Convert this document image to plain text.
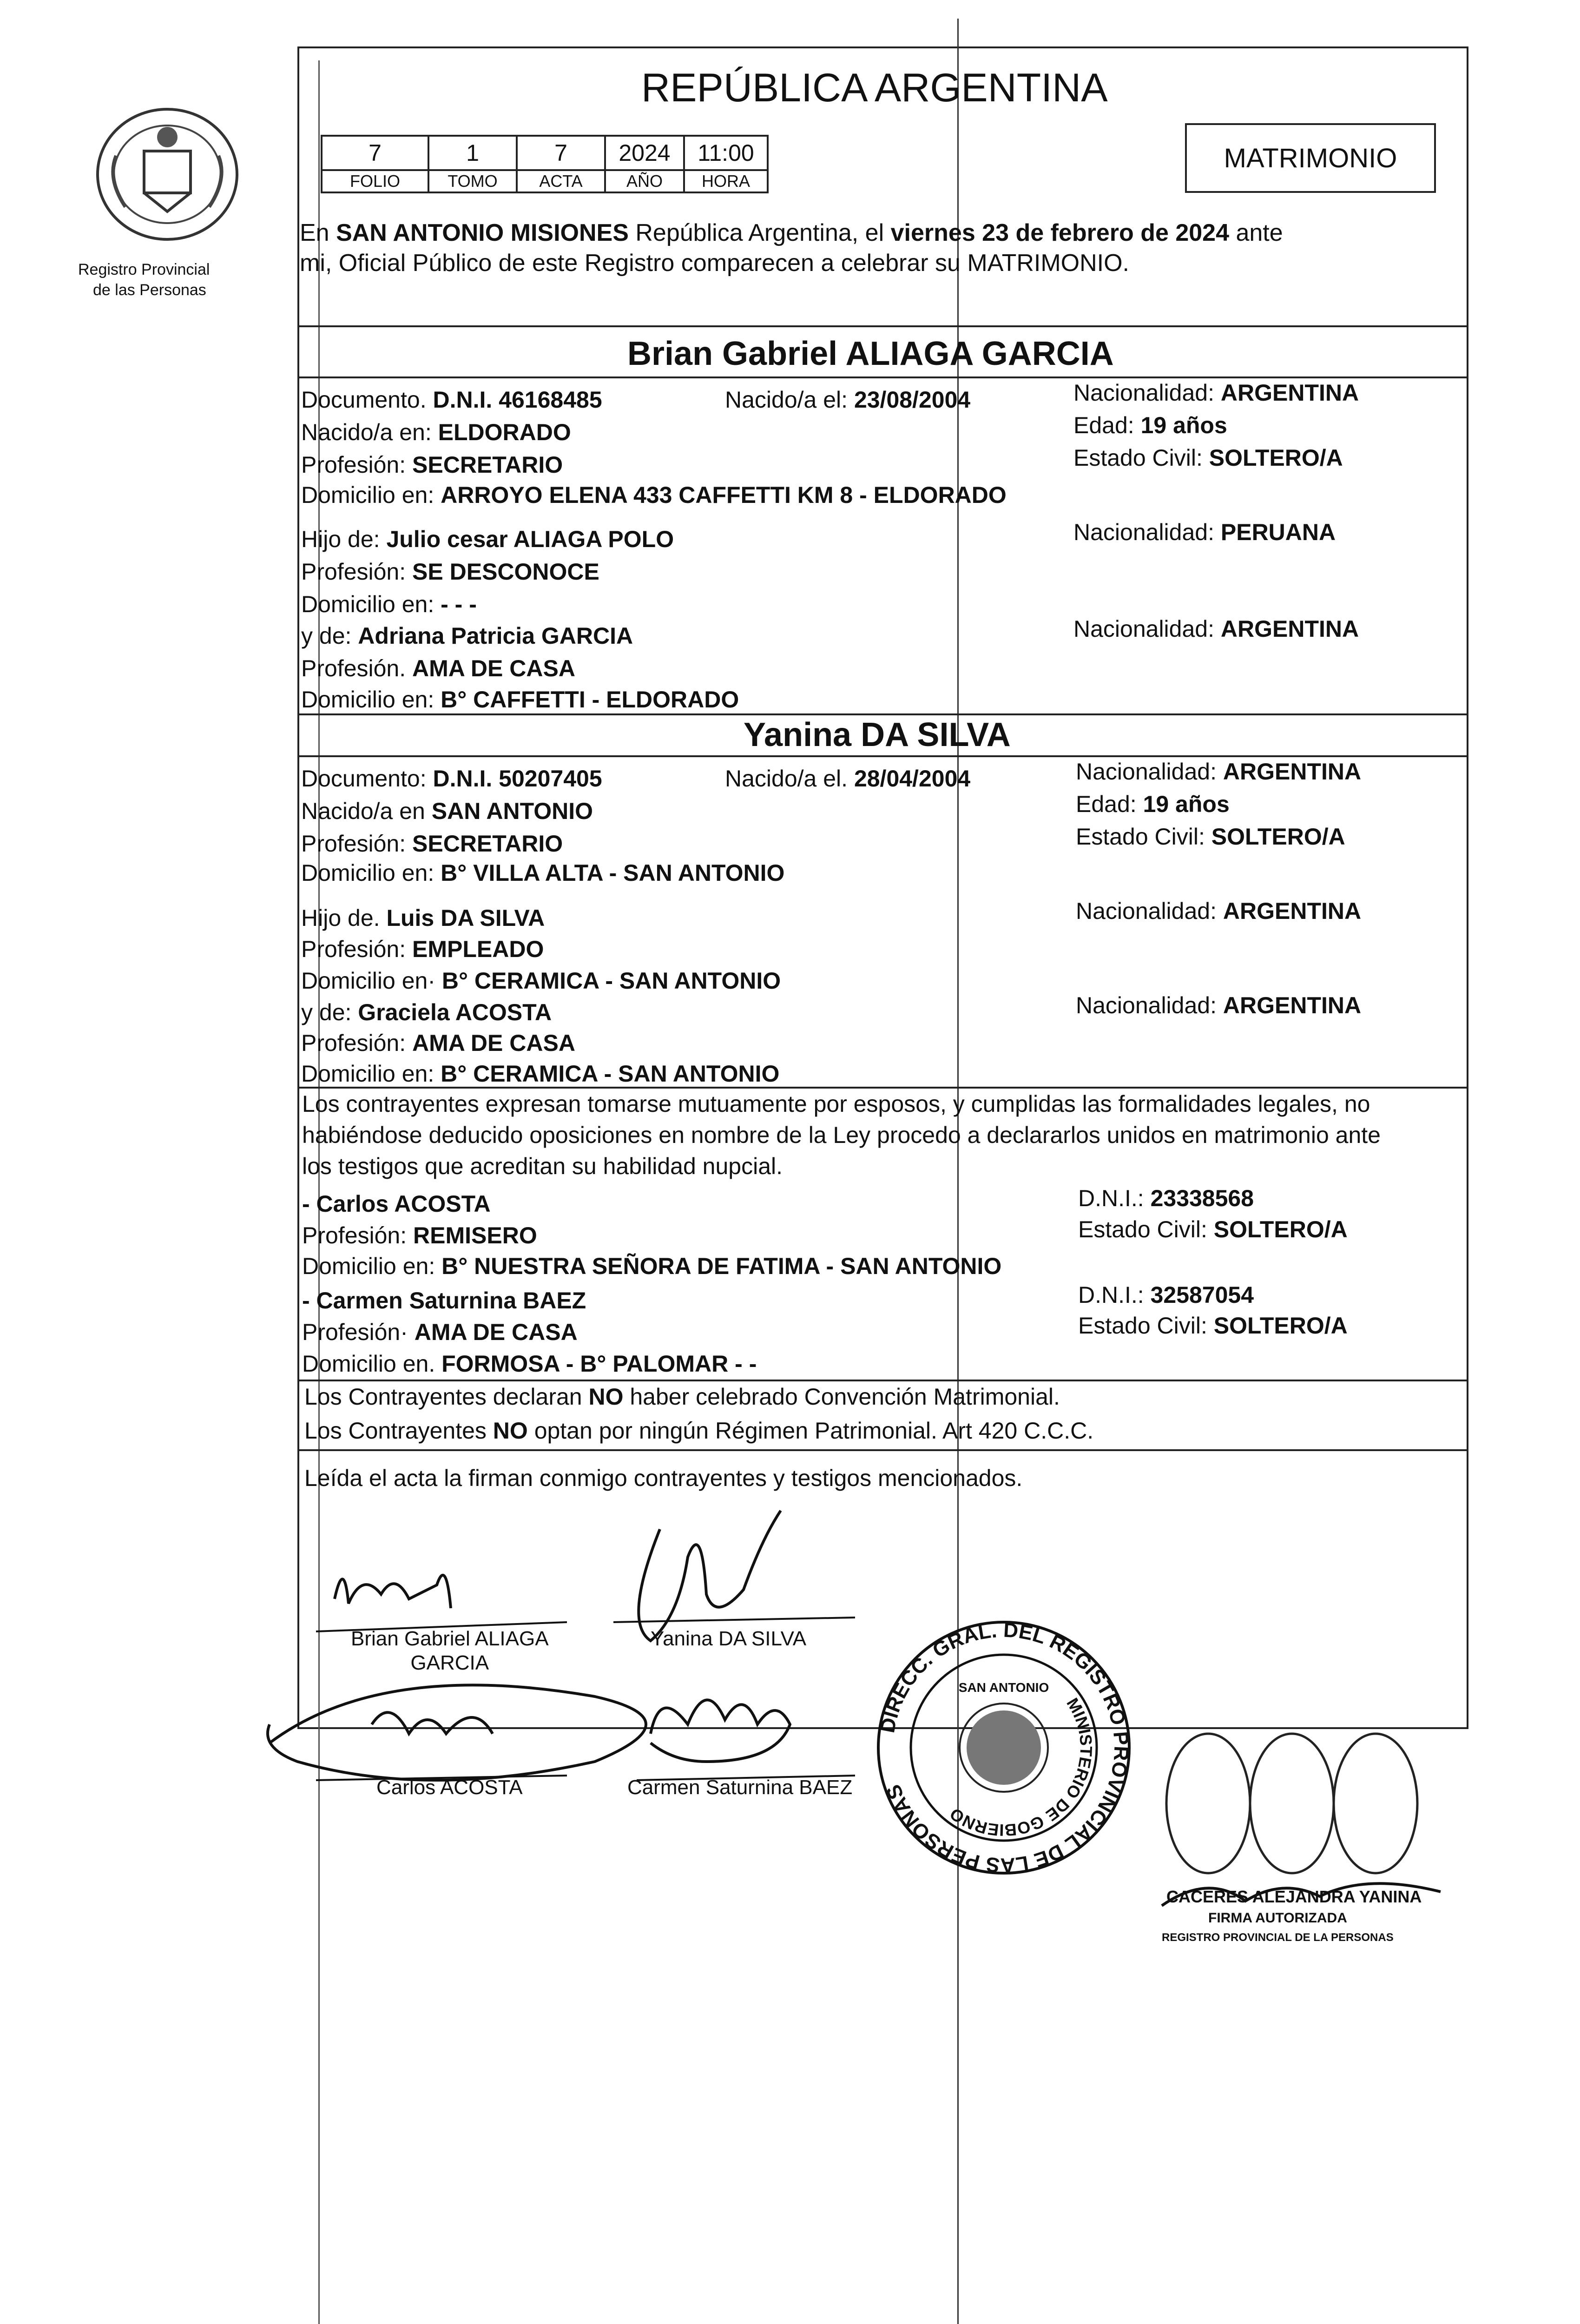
Registro Provincial
de las Personas
REPÚBLICA ARGENTINA
7	1	7	2024	11:00
FOLIO	TOMO	ACTA	AÑO	HORA
MATRIMONIO
En SAN ANTONIO MISIONES República Argentina, el viernes 23 de febrero de 2024 ante
mi, Oficial Público de este Registro comparecen a celebrar su MATRIMONIO.
Brian Gabriel ALIAGA GARCIA
Documento. D.N.I. 46168485	Nacido/a el: 23/08/2004	Nacionalidad: ARGENTINA
Nacido/a en: ELDORADO	Edad: 19 años
Profesión: SECRETARIO	Estado Civil: SOLTERO/A
Domicilio en: ARROYO ELENA 433 CAFFETTI KM 8 - ELDORADO
Hijo de: Julio cesar ALIAGA POLO	Nacionalidad: PERUANA
Profesión: SE DESCONOCE
Domicilio en: - - -
y de: Adriana Patricia GARCIA	Nacionalidad: ARGENTINA
Profesión. AMA DE CASA
Domicilio en: B° CAFFETTI - ELDORADO
Yanina DA SILVA
Documento: D.N.I. 50207405	Nacido/a el. 28/04/2004	Nacionalidad: ARGENTINA
Nacido/a en SAN ANTONIO	Edad: 19 años
Profesión: SECRETARIO	Estado Civil: SOLTERO/A
Domicilio en: B° VILLA ALTA - SAN ANTONIO
Hijo de. Luis DA SILVA	Nacionalidad: ARGENTINA
Profesión: EMPLEADO
Domicilio en· B° CERAMICA - SAN ANTONIO
y de: Graciela ACOSTA	Nacionalidad: ARGENTINA
Profesión: AMA DE CASA
Domicilio en: B° CERAMICA - SAN ANTONIO
Los contrayentes expresan tomarse mutuamente por esposos, y cumplidas las formalidades legales, no
habiéndose deducido oposiciones en nombre de la Ley procedo a declararlos unidos en matrimonio ante
los testigos que acreditan su habilidad nupcial.
- Carlos ACOSTA	D.N.I.: 23338568
Profesión: REMISERO	Estado Civil: SOLTERO/A
Domicilio en: B° NUESTRA SEÑORA DE FATIMA - SAN ANTONIO
- Carmen Saturnina BAEZ	D.N.I.: 32587054
Profesión· AMA DE CASA	Estado Civil: SOLTERO/A
Domicilio en. FORMOSA - B° PALOMAR - -
Los Contrayentes declaran NO haber celebrado Convención Matrimonial.
Los Contrayentes NO optan por ningún Régimen Patrimonial. Art 420 C.C.C.
Leída el acta la firman conmigo contrayentes y testigos mencionados.
Brian Gabriel ALIAGA
GARCIA
Yanina DA SILVA
Carlos ACOSTA	Carmen Saturnina BAEZ
DIRECC. GRAL. DEL REGISTRO PROVINCIAL DE LAS PERSONAS
MINISTERIO DE GOBIERNO
SAN ANTONIO
CACERES ALEJANDRA YANINA
FIRMA AUTORIZADA
REGISTRO PROVINCIAL DE LA PERSONAS
